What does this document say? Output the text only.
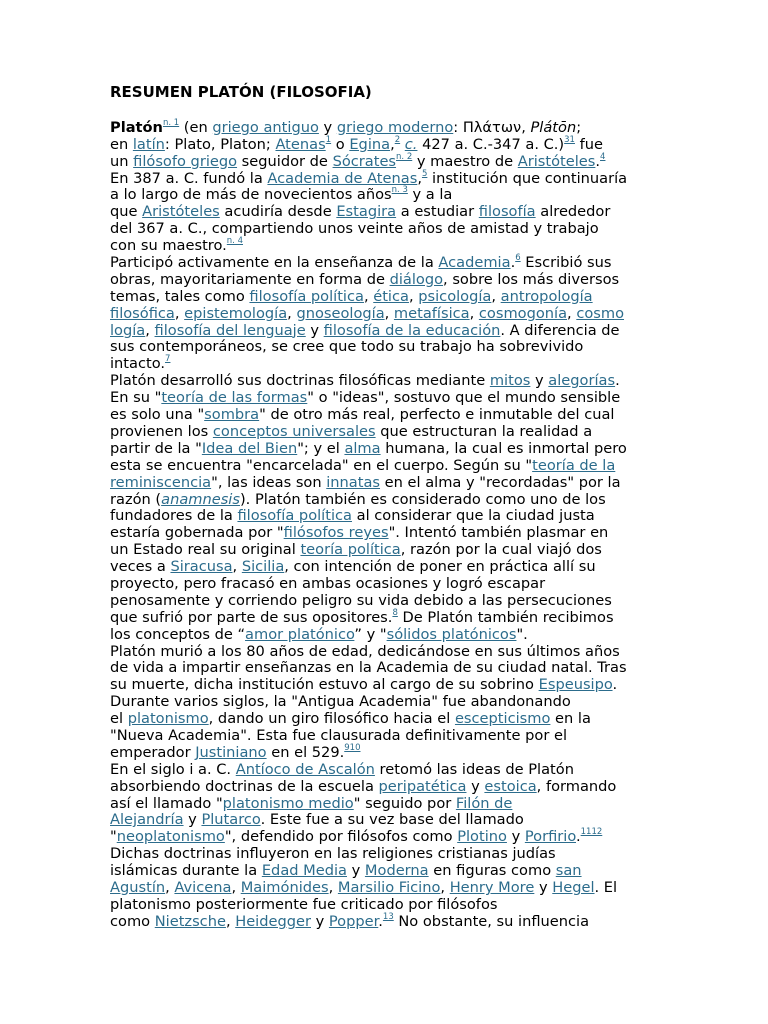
RESUMEN PLATÓN (FILOSOFIA)
Platón$^{n. 1}$ (en griego antiguo y griego moderno: Πλάτων, Plátōn;
en latín: Plato, Platon; Atenas$^1$ o Egina,$^2$ c. 427 a. C.-347 a. C.)$^{31}$ fue
un filósofo griego seguidor de Sócrates$^{n. 2}$ y maestro de Aristóteles.$^4$
En 387 a. C. fundó la Academia de Atenas,$^5$ institución que continuaría
a lo largo de más de novecientos años$^{n. 3}$ y a la
que Aristóteles acudiría desde Estagira a estudiar filosofía alrededor
del 367 a. C., compartiendo unos veinte años de amistad y trabajo
con su maestro.$^{n. 4}$
Participó activamente en la enseñanza de la Academia.$^6$ Escribió sus
obras, mayoritariamente en forma de diálogo, sobre los más diversos
temas, tales como filosofía política, ética, psicología, antropología
filosófica, epistemología, gnoseología, metafísica, cosmogonía, cosmo
logía, filosofía del lenguaje y filosofía de la educación. A diferencia de
sus contemporáneos, se cree que todo su trabajo ha sobrevivido
intacto.$^7$
Platón desarrolló sus doctrinas filosóficas mediante mitos y alegorías.
En su "teoría de las formas" o "ideas", sostuvo que el mundo sensible
es solo una "sombra" de otro más real, perfecto e inmutable del cual
provienen los conceptos universales que estructuran la realidad a
partir de la "Idea del Bien"; y el alma humana, la cual es inmortal pero
esta se encuentra "encarcelada" en el cuerpo. Según su "teoría de la
reminiscencia", las ideas son innatas en el alma y "recordadas" por la
razón (anamnesis). Platón también es considerado como uno de los
fundadores de la filosofía política al considerar que la ciudad justa
estaría gobernada por "filósofos reyes". Intentó también plasmar en
un Estado real su original teoría política, razón por la cual viajó dos
veces a Siracusa, Sicilia, con intención de poner en práctica allí su
proyecto, pero fracasó en ambas ocasiones y logró escapar
penosamente y corriendo peligro su vida debido a las persecuciones
que sufrió por parte de sus opositores.$^8$ De Platón también recibimos
los conceptos de “amor platónico” y "sólidos platónicos".
Platón murió a los 80 años de edad, dedicándose en sus últimos años
de vida a impartir enseñanzas en la Academia de su ciudad natal. Tras
su muerte, dicha institución estuvo al cargo de su sobrino Espeusipo.
Durante varios siglos, la "Antigua Academia" fue abandonando
el platonismo, dando un giro filosófico hacia el escepticismo en la
"Nueva Academia". Esta fue clausurada definitivamente por el
emperador Justiniano en el 529.$^{910}$
En el siglo i a. C. Antíoco de Ascalón retomó las ideas de Platón
absorbiendo doctrinas de la escuela peripatética y estoica, formando
así el llamado "platonismo medio" seguido por Filón de
Alejandría y Plutarco. Este fue a su vez base del llamado
"neoplatonismo", defendido por filósofos como Plotino y Porfirio.$^{1112}$
Dichas doctrinas influyeron en las religiones cristianas judías
islámicas durante la Edad Media y Moderna en figuras como san
Agustín, Avicena, Maimónides, Marsilio Ficino, Henry More y Hegel. El
platonismo posteriormente fue criticado por filósofos
como Nietzsche, Heidegger y Popper.$^{13}$ No obstante, su influencia
